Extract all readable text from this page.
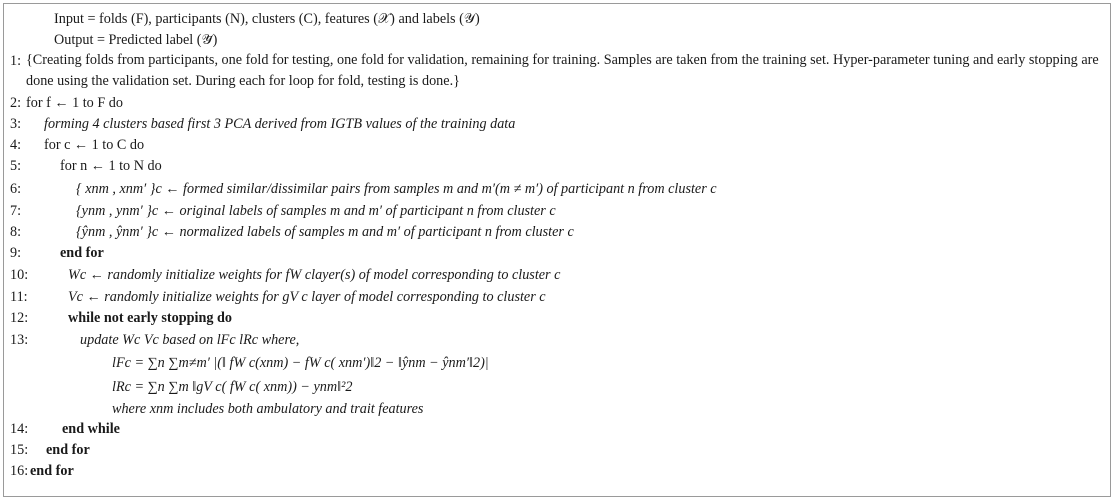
Input = folds (F), participants (N), clusters (C), features (𝒳) and labels (𝒴)
Output = Predicted label (𝒴̄)
1: {Creating folds from participants, one fold for testing, one fold for validation, remaining for training. Samples are taken from the training set. Hyper-parameter tuning and early stopping are done using the validation set. During each for loop for fold, testing is done.}
2: for f ← 1 to F do
3: forming 4 clusters based first 3 PCA derived from IGTB values of the training data
4: for c ← 1 to C do
5:	for n ← 1 to N do
6:	{ xnm , xnm′ }c ← formed similar/dissimilar pairs from samples m and m′(m ≠ m′) of participant n from cluster c
7:	{ynm , ynm′ }c ← original labels of samples m and m′ of participant n from cluster c
8:	{ŷnm , ŷnm′ }c ← normalized labels of samples m and m′ of participant n from cluster c
9:	end for
10:	Wc ← randomly initialize weights for fW clayer(s) of model corresponding to cluster c
11:	Vc ← randomly initialize weights for gV c layer of model corresponding to cluster c
12:	while not early stopping do
13:	update Wc Vc based on lFc lRc where,
lFc = ∑n ∑m≠m′ |(‖ fW c(xnm) − fW c( xnm′)‖2 − ‖ŷnm − ŷnm′‖2)|
lRc = ∑n ∑m ‖gV c( fW c( xnm)) − ynm‖²2
where xnm includes both ambulatory and trait features
14: end while
15: end for
16: end for
